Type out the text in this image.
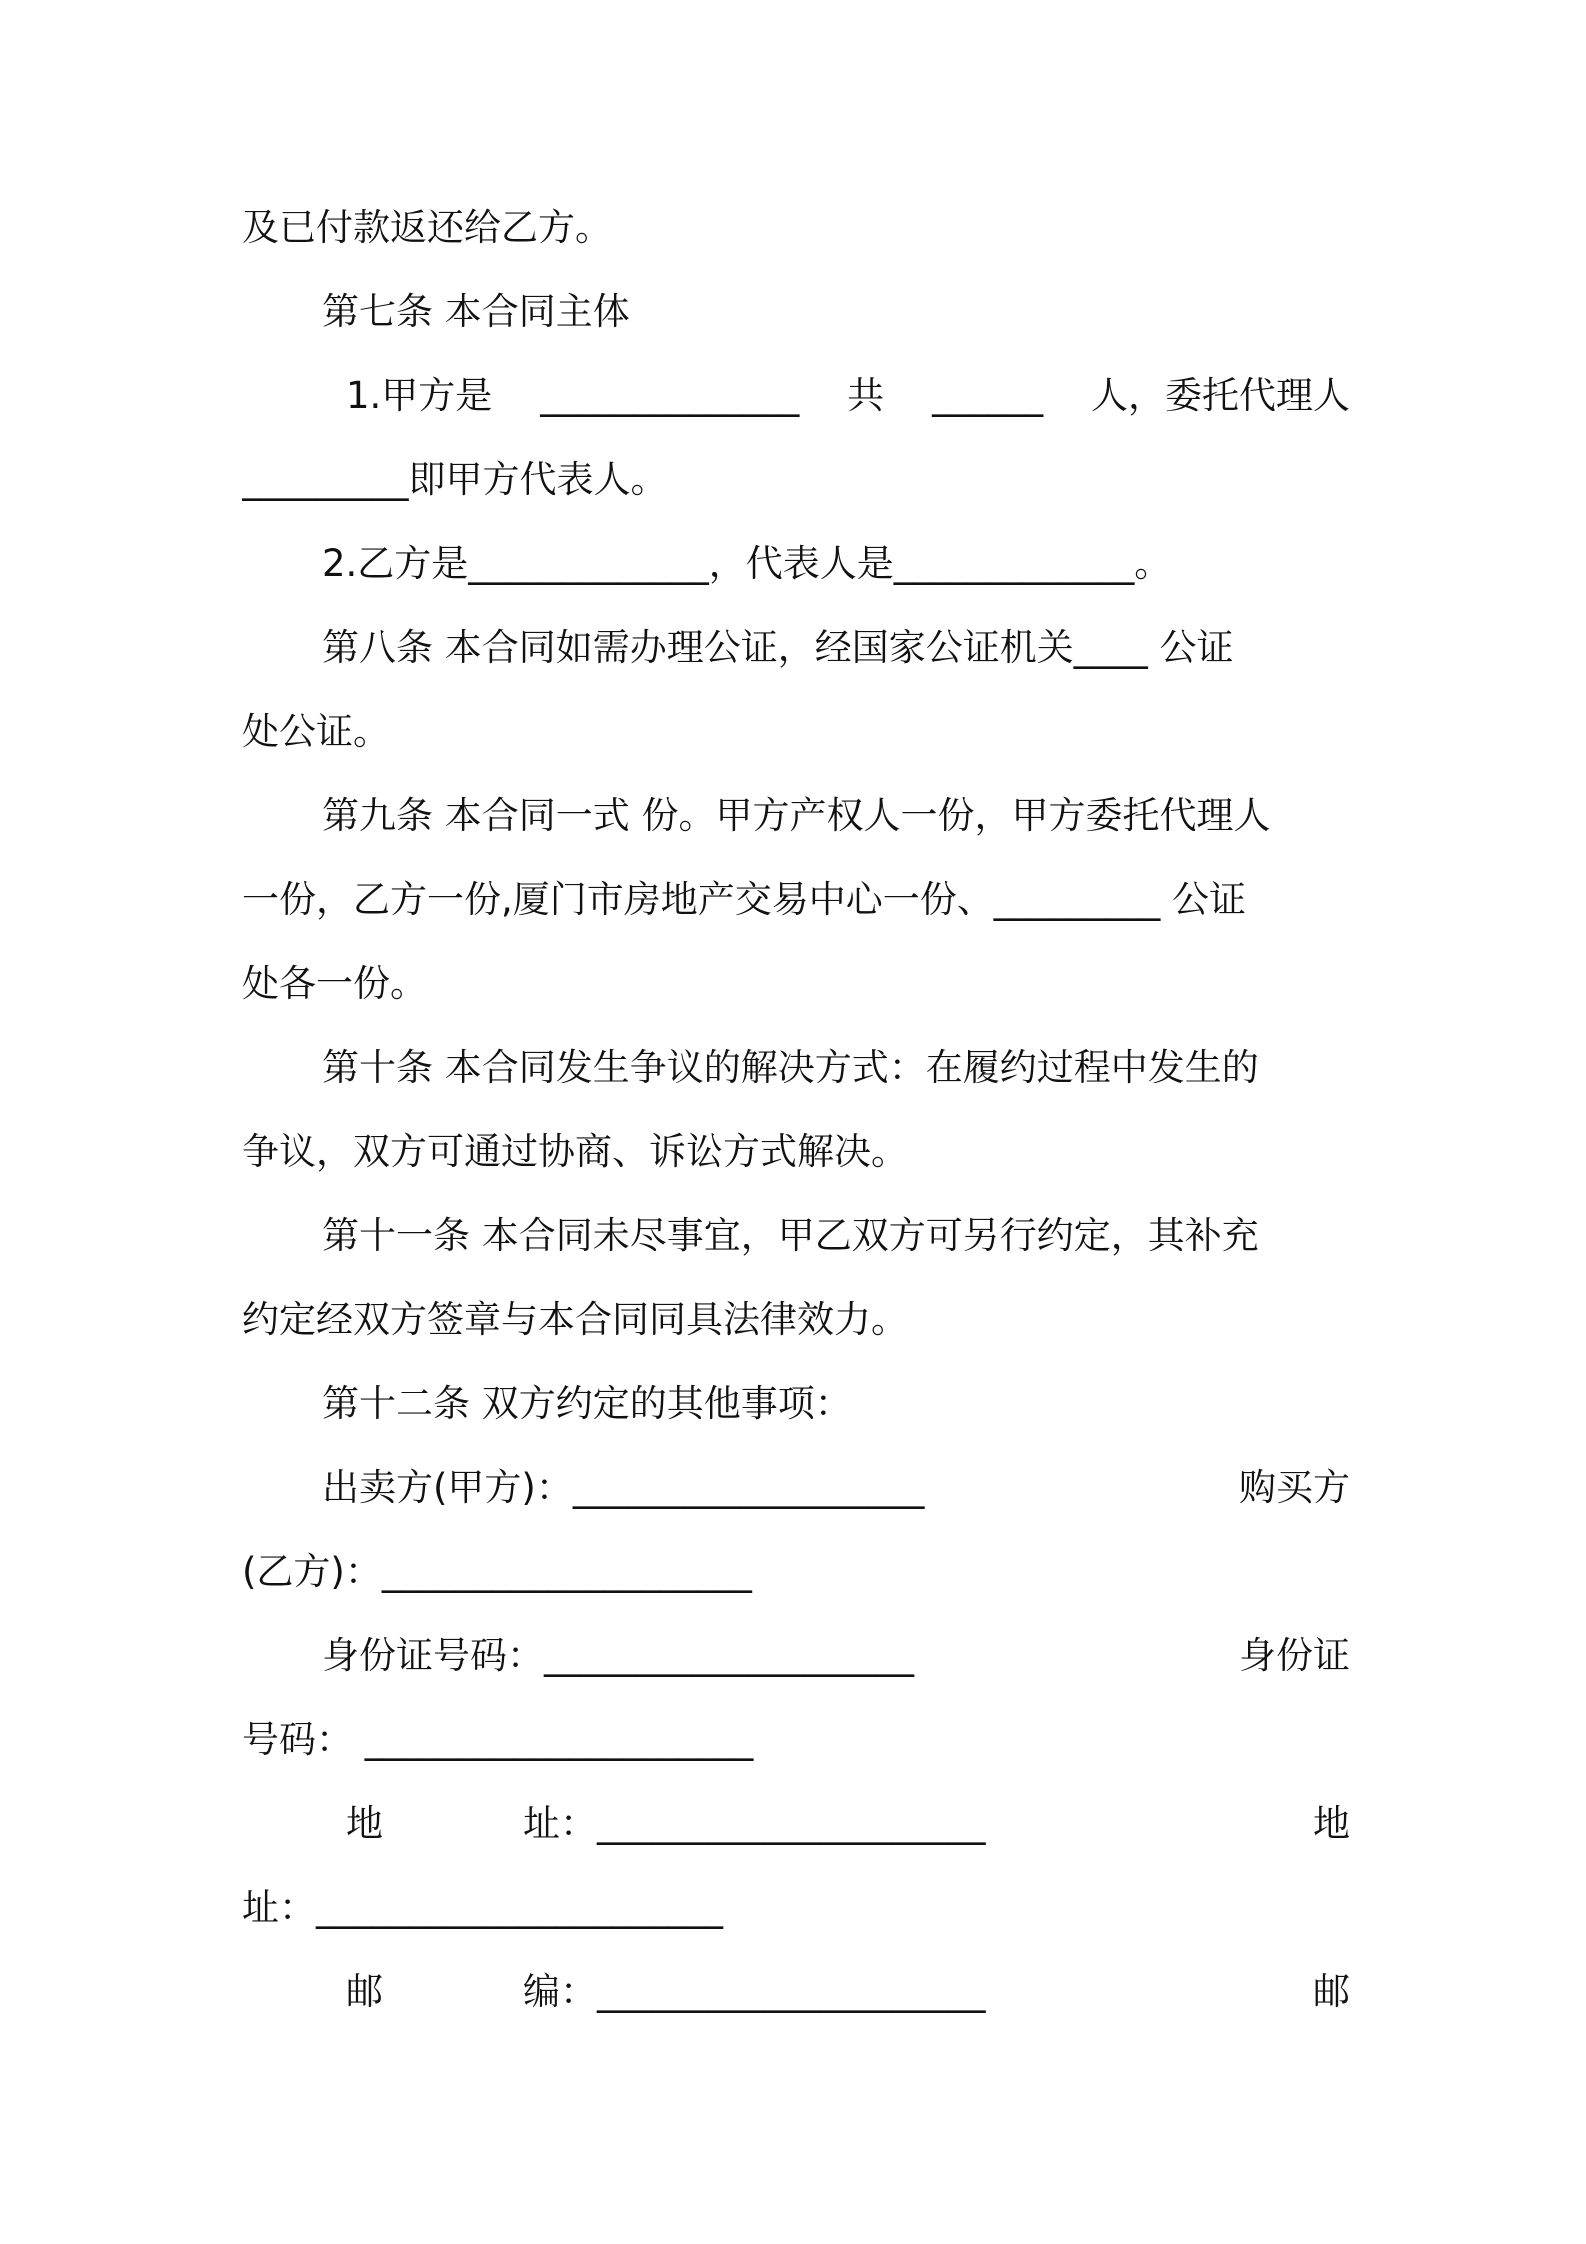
及已付款返还给乙方。
第七条 本合同主体
1.甲方是 ______________ 共 ______ 人，委托代理人
_________即甲方代表人。
2.乙方是_____________，代表人是_____________。
第八条 本合同如需办理公证，经国家公证机关____ 公证
处公证。
第九条 本合同一式 份。甲方产权人一份，甲方委托代理人
一份，乙方一份,厦门市房地产交易中心一份、_________ 公证
处各一份。
第十条 本合同发生争议的解决方式：在履约过程中发生的
争议，双方可通过协商、诉讼方式解决。
第十一条 本合同未尽事宜，甲乙双方可另行约定，其补充
约定经双方签章与本合同同具法律效力。
第十二条 双方约定的其他事项：
出卖方(甲方)：___________________	购买方
(乙方)：____________________
身份证号码：____________________	身份证
号码： _____________________
地	址：_____________________	地
址：______________________
邮	编：_____________________	邮
